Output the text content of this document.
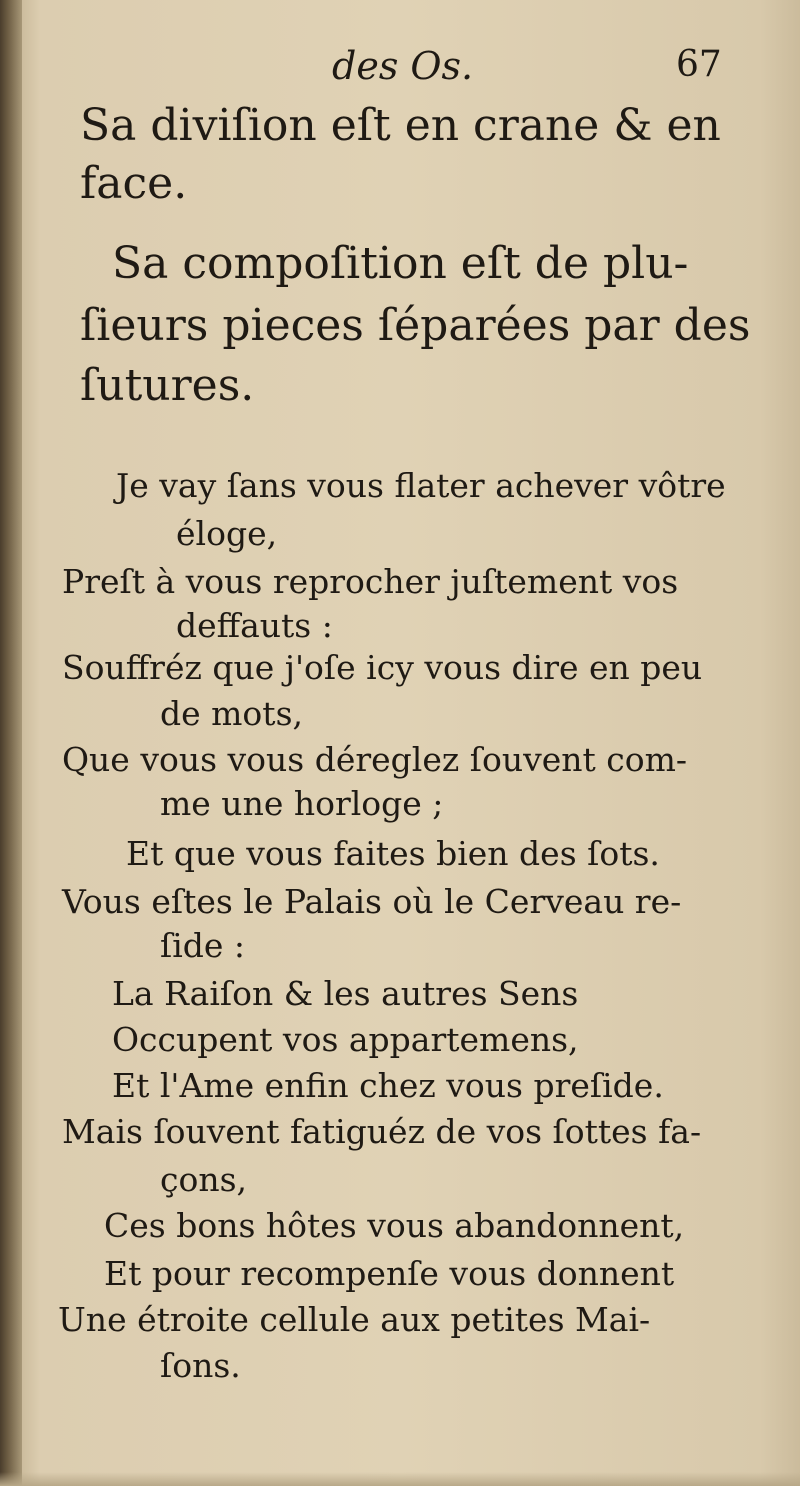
des Os.	67
Sa diviſion eſt en crane & en
face.
Sa compoſition eſt de plu-
ſieurs pieces ſéparées par des
ſutures.
Je vay ſans vous flater achever vôtre
éloge,
Preſt à vous reprocher juſtement vos
deffauts :
Souffréz que j'oſe icy vous dire en peu
de mots,
Que vous vous déreglez ſouvent com-
me une horloge ;
Et que vous faites bien des ſots.
Vous eſtes le Palais où le Cerveau re-
ſide :
La Raiſon & les autres Sens
Occupent vos appartemens,
Et l'Ame enfin chez vous preſide.
Mais ſouvent fatiguéz de vos ſottes fa-
çons,
Ces bons hôtes vous abandonnent,
Et pour recompenſe vous donnent
Une étroite cellule aux petites Mai-
ſons.
